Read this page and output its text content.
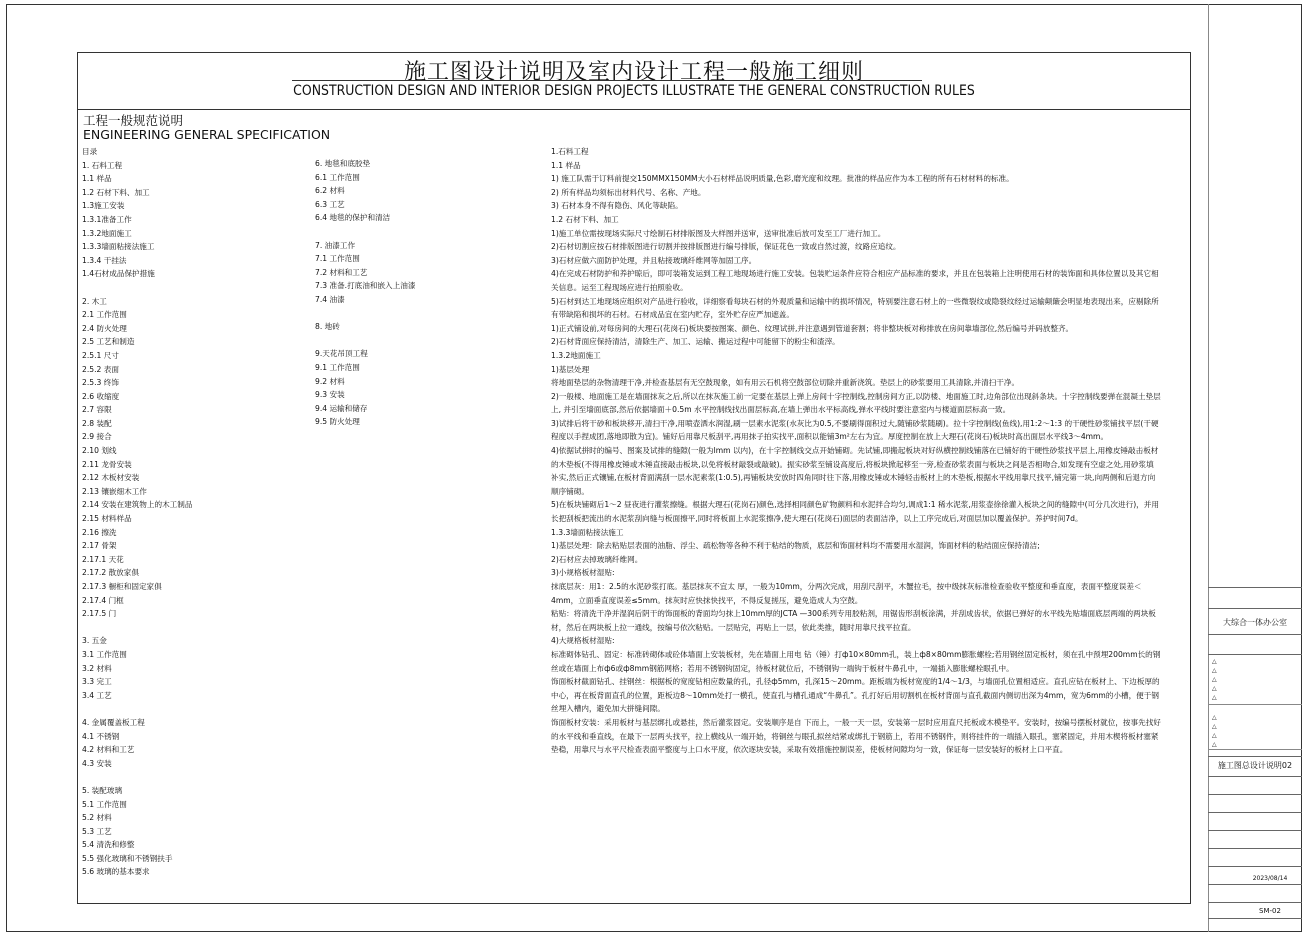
施工图设计说明及室内设计工程一般施工细则
CONSTRUCTION DESIGN AND INTERIOR DESIGN PROJECTS ILLUSTRATE THE GENERAL CONSTRUCTION RULES
工程一般规范说明
ENGINEERING GENERAL SPECIFICATION
目录
1. 石料工程
1.1 样品
1.2 石材下料、加工
1.3施工安装
1.3.1准备工作
1.3.2地面施工
1.3.3墙面粘接法施工
1.3.4 干挂法
1.4石材成品保护措施
2. 木工
2.1 工作范围
2.4 防火处理
2.5 工艺和制造
2.5.1 尺寸
2.5.2 表面
2.5.3 终饰
2.6 收缩度
2.7 容限
2.8 装配
2.9 接合
2.10 划线
2.11 龙骨安装
2.12 木板材安装
2.13 镶嵌细木工作
2.14 安装在建筑物上的木工制品
2.15 材料样品
2.16 擦洗
2.17 骨架
2.17.1 天花
2.17.2 散放家俱
2.17.3 橱柜和固定家俱
2.17.4 门框
2.17.5 门
3. 五金
3.1 工作范围
3.2 材料
3.3 完工
3.4 工艺
4. 金属覆盖板工程
4.1 不锈钢
4.2 材料和工艺
4.3 安装
5. 装配玻璃
5.1 工作范围
5.2 材料
5.3 工艺
5.4 清洗和修整
5.5 强化玻璃和不锈钢扶手
5.6 玻璃的基本要求
6. 地毯和底胶垫
6.1 工作范围
6.2 材料
6.3 工艺
6.4 地毯的保护和清洁
7. 油漆工作
7.1 工作范围
7.2 材料和工艺
7.3 准备.打底油和嵌入上油漆
7.4 油漆
8. 地砖
9.天花吊顶工程
9.1 工作范围
9.2 材料
9.3 安装
9.4 运输和储存
9.5 防火处理
1.石料工程
1.1 样品
1) 施工队需于订料前提交150MMX150MM大小石材样品说明质量,色彩,磨光度和纹理。批准的样品应作为本工程的所有石材材料的标准。
2) 所有样品均须标出材料代号、名称、产地。
3) 石材本身不得有隐伤、风化等缺陷。
1.2 石材下料、加工
1)施工单位需按现场实际尺寸绘制石材排版图及大样图并送审，送审批准后放可发至工厂进行加工。
2)石材切割应按石材排版图进行切割并按排版图进行编号排版，保证花色一致或自然过渡，纹路应追纹。
3)石材应做六面防护处理，并且粘接玻璃纤维网等加固工序。
4)在完成石材防护和养护晾后，即可装箱发运到工程工地现场进行施工安装。包装贮运条件应符合相应产品标准的要求，并且在包装箱上注明使用石材的装饰面和具体位置以及其它相关信息。运至工程现场应进行拍照验收。
5)石材到达工地现场应组织对产品进行验收，详细察看每块石材的外观质量和运输中的损坏情况，特别要注意石材上的一些微裂纹或隐裂纹经过运输颠簸会明显地表现出来，应剔除所有带缺陷和损坏的石材。石材成品宜在室内贮存，室外贮存应严加遮盖。
1)正式铺设前,对每房间的大理石(花岗石)板块要按图案、颜色、纹理试拼,并注意遇到管道套割；将非整块板对称排放在房间靠墙部位,然后编号并码放整齐。
2)石材背面应保持清洁，清除生产、加工、运输、搬运过程中可能留下的粉尘和渣滓。
1.3.2地面施工
1)基层处理
将地面垫层的杂物清理干净,并检查基层有无空鼓现象，如有用云石机将空鼓部位切除并重新浇筑。垫层上的砂浆要用工具清除,并清扫干净。
2)一般楼、地面施工是在墙面抹灰之后,所以在抹灰施工前一定要在基层上弹上房间十字控制线,控制房间方正,以防楼、地面施工时,边角部位出现斜条块。十字控制线要弹在混凝土垫层上, 并引至墙面底部,然后依据墙面＋0.5m 水平控制线找出面层标高,在墙上弹出水平标高线,弹水平线时要注意室内与楼道面层标高一致。
3)试排后将干砂和板块移开,清扫干净,用喷壶洒水润湿,刷一层素水泥浆(水灰比为0.5,不要刷得面积过大,随铺砂浆随刷)。拉十字控制线(鱼线),用1:2～1:3 的干硬性砂浆铺找平层(干硬程度以手捏成团,落地即散为宜)。铺好后用靠尺板刮平,再用抹子拍实找平,面积以能铺3m²左右为宜。厚度控制在放上大理石(花岗石)板块时高出面层水平线3～4mm。
4)依据试拼时的编号、图案及试排的缝隙(一般为lmm 以内)，在十字控制线交点开始铺砌。先试铺,即搬起板块对好纵横控制线铺落在已铺好的干硬性砂浆找平层上,用橡皮锤敲击板材的木垫板(不得用橡皮锤或木锤直接敲击板块,以免将板材敲裂或敲破)。振实砂浆至铺设高度后,将板块掀起移至一旁,检查砂浆表面与板块之间是否相吻合,如发现有空虚之处,用砂浆填补实,然后正式镶铺,在板材背面满刮一层水泥素浆(1:0.5),再铺板块安放时四角同时往下落,用橡皮锤或木锤轻击板材上的木垫板,根据水平线用靠尺找平,铺完第一块,向两侧和后退方向顺序铺砌。
5)在板块铺砌后1～2 昼夜进行灌浆擦缝。根据大理石(花岗石)颜色,选择相同颜色矿物颜料和水泥拌合均匀,调成1:1 稀水泥浆,用浆壶徐徐灌入板块之间的缝隙中(可分几次进行)，并用长把刮板把流出的水泥浆刮向缝与板面擦平,同时将板面上水泥浆擦净,使大理石(花岗石)面层的表面洁净，以上工序完成后,对面层加以覆盖保护。养护时间7d。
1.3.3墙面粘接法施工
1)基层处理：除去粘贴层表面的油脂、浮尘、疏松物等各种不利于粘结的物质，底层和饰面材料均不需要用水湿润，饰面材料的粘结面应保持清洁;
2)石材应去掉玻璃纤维网。
3)小规格板材湿贴:
抹底层灰：用1：2.5的水泥砂浆打底。基层抹灰不宜太 厚，一般为10mm，分两次完成，用刮尺刮平，木蟹拉毛，按中级抹灰标准检查验收平整度和垂直度，表面平整度误差＜4mm，立面垂直度误差≤5mm。抹灰时应快抹快找平，不得反复搓压，避免造成人为空鼓。
粘贴：将清洗干净并湿润后阴干的饰面板的背面均匀抹上10mm厚的JCTA —300系列专用胶粘剂，用锯齿形刮板涂满，并刮成齿状，依据已弹好的水平线先贴墙面底层两端的两块板材，然后在两块板上拉一通线，按编号依次粘贴。一层贴完，再贴上一层，依此类推，随时用靠尺找平拉直。
4)大规格板材湿贴:
标准砌体钻孔、固定：标准砖砌体或砼体墙面上安装板材，先在墙面上用电 钻（锤）打ф10×80mm孔，装上ф8×80mm膨胀螺栓;若用钢丝固定板材，须在孔中预埋200mm长的钢丝或在墙面上布ф6或ф8mm钢筋网格；若用不锈钢钩固定，待板材就位后，不锈钢钩一端钩于板材牛鼻孔中，一端插入膨胀螺栓眼孔中。
饰面板材截面钻孔、挂钢丝：根据板的宽度钻相应数量的孔，孔径ф5mm，孔深15～20mm。距板端为板材宽度的1/4～1/3，与墙面孔位置相适应。直孔应钻在板材上、下边板厚的中心，再在板背面直孔的位置，距板边8～10mm处打一横孔，使直孔与槽孔通成“牛鼻孔”。孔打好后用切割机在板材背面与直孔截面内侧切出深为4mm，宽为6mm的小槽，便于钢丝埋入槽内，避免加大拼缝间隙。
饰面板材安装：采用板材与基层绑扎或悬挂，然后灌浆固定。安装顺序是自 下而上，一般一天一层，安装第一层时应用直尺托板或木模垫平。安装时，按编号摆板材就位，按事先找好的水平线和垂直线，在最下一层两头找平，拉上横线从一端开始，将铜丝与眼孔拟丝结紧或绑扎于钢筋上，若用不锈钢件，则将挂件的一端插入眼孔，塞紧固定，并用木楔将板材塞紧垫稳，用靠尺与水平尺检查表面平整度与上口水平度，依次逐块安装，采取有效措施控制误差，使板材间隙均匀一致，保证每一层安装好的板材上口平直。
大综合一体办公室
△
△
△
△
△
△
△
△
△
施工图总设计说明02
2023/08/14
SM-02
